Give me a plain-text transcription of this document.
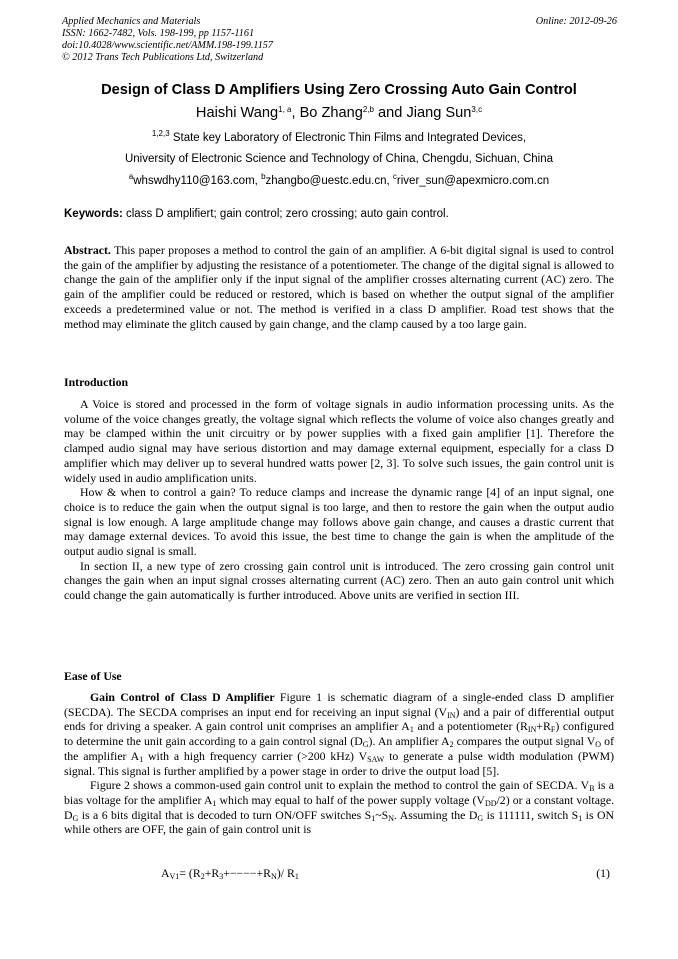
Applied Mechanics and Materials
ISSN: 1662-7482, Vols. 198-199, pp 1157-1161
doi:10.4028/www.scientific.net/AMM.198-199.1157
© 2012 Trans Tech Publications Ltd, Switzerland
Online: 2012-09-26
Design of Class D Amplifiers Using Zero Crossing Auto Gain Control
Haishi Wang$^{1, a}$, Bo Zhang$^{2,b}$ and Jiang Sun$^{3,c}$
$^{1,2,3}$ State key Laboratory of Electronic Thin Films and Integrated Devices,
University of Electronic Science and Technology of China, Chengdu, Sichuan, China
$^a$whswdhy110@163.com, $^b$zhangbo@uestc.edu.cn, $^c$river_sun@apexmicro.com.cn
Keywords: class D amplifiert; gain control; zero crossing; auto gain control.

Abstract. This paper proposes a method to control the gain of an amplifier. A 6-bit digital signal is used to control the gain of the amplifier by adjusting the resistance of a potentiometer. The change of the digital signal is allowed to change the gain of the amplifier only if the input signal of the amplifier crosses alternating current (AC) zero. The gain of the amplifier could be reduced or restored, which is based on whether the output signal of the amplifier exceeds a predetermined value or not. The method is verified in a class D amplifier. Road test shows that the method may eliminate the glitch caused by gain change, and the clamp caused by a too large gain.

Introduction

A Voice is stored and processed in the form of voltage signals in audio information processing units. As the volume of the voice changes greatly, the voltage signal which reflects the volume of voice also changes greatly and may be clamped within the unit circuitry or by power supplies with a fixed gain amplifier [1]. Therefore the clamped audio signal may have serious distortion and may damage external equipment, especially for a class D amplifier which may deliver up to several hundred watts power [2, 3]. To solve such issues, the gain control unit is widely used in audio amplification units.

How & when to control a gain? To reduce clamps and increase the dynamic range [4] of an input signal, one choice is to reduce the gain when the output signal is too large, and then to restore the gain when the output audio signal is low enough. A large amplitude change may follows above gain change, and causes a drastic current that may damage external devices. To avoid this issue, the best time to change the gain is when the amplitude of the output audio signal is small.

In section II, a new type of zero crossing gain control unit is introduced. The zero crossing gain control unit changes the gain when an input signal crosses alternating current (AC) zero. Then an auto gain control unit which could change the gain automatically is further introduced. Above units are verified in section III.

Ease of Use

Gain Control of Class D Amplifier Figure 1 is schematic diagram of a single-ended class D amplifier (SECDA). The SECDA comprises an input end for receiving an input signal $(V_{IN})$ and a pair of differential output ends for driving a speaker. A gain control unit comprises an amplifier $A_1$ and a potentiometer $(R_{IN}+R_F)$ configured to determine the unit gain according to a gain control signal $(D_G)$. An amplifier $A_2$ compares the output signal $V_O$ of the amplifier $A_1$ with a high frequency carrier (>200 kHz) $V_{SAW}$ to generate a pulse width modulation (PWM) signal. This signal is further amplified by a power stage in order to drive the output load [5].

Figure 2 shows a common-used gain control unit to explain the method to control the gain of SECDA. $V_B$ is a bias voltage for the amplifier $A_1$ which may equal to half of the power supply voltage $(V_{DD}/2)$ or a constant voltage. $D_G$ is a 6 bits digital that is decoded to turn ON/OFF switches $S_1\sim S_N$. Assuming the $D_G$ is 111111, switch $S_1$ is ON while others are OFF, the gain of gain control unit is

$A_{V1}= (R_2+R_3+----+R_N)/$ $R_1$	(1)
